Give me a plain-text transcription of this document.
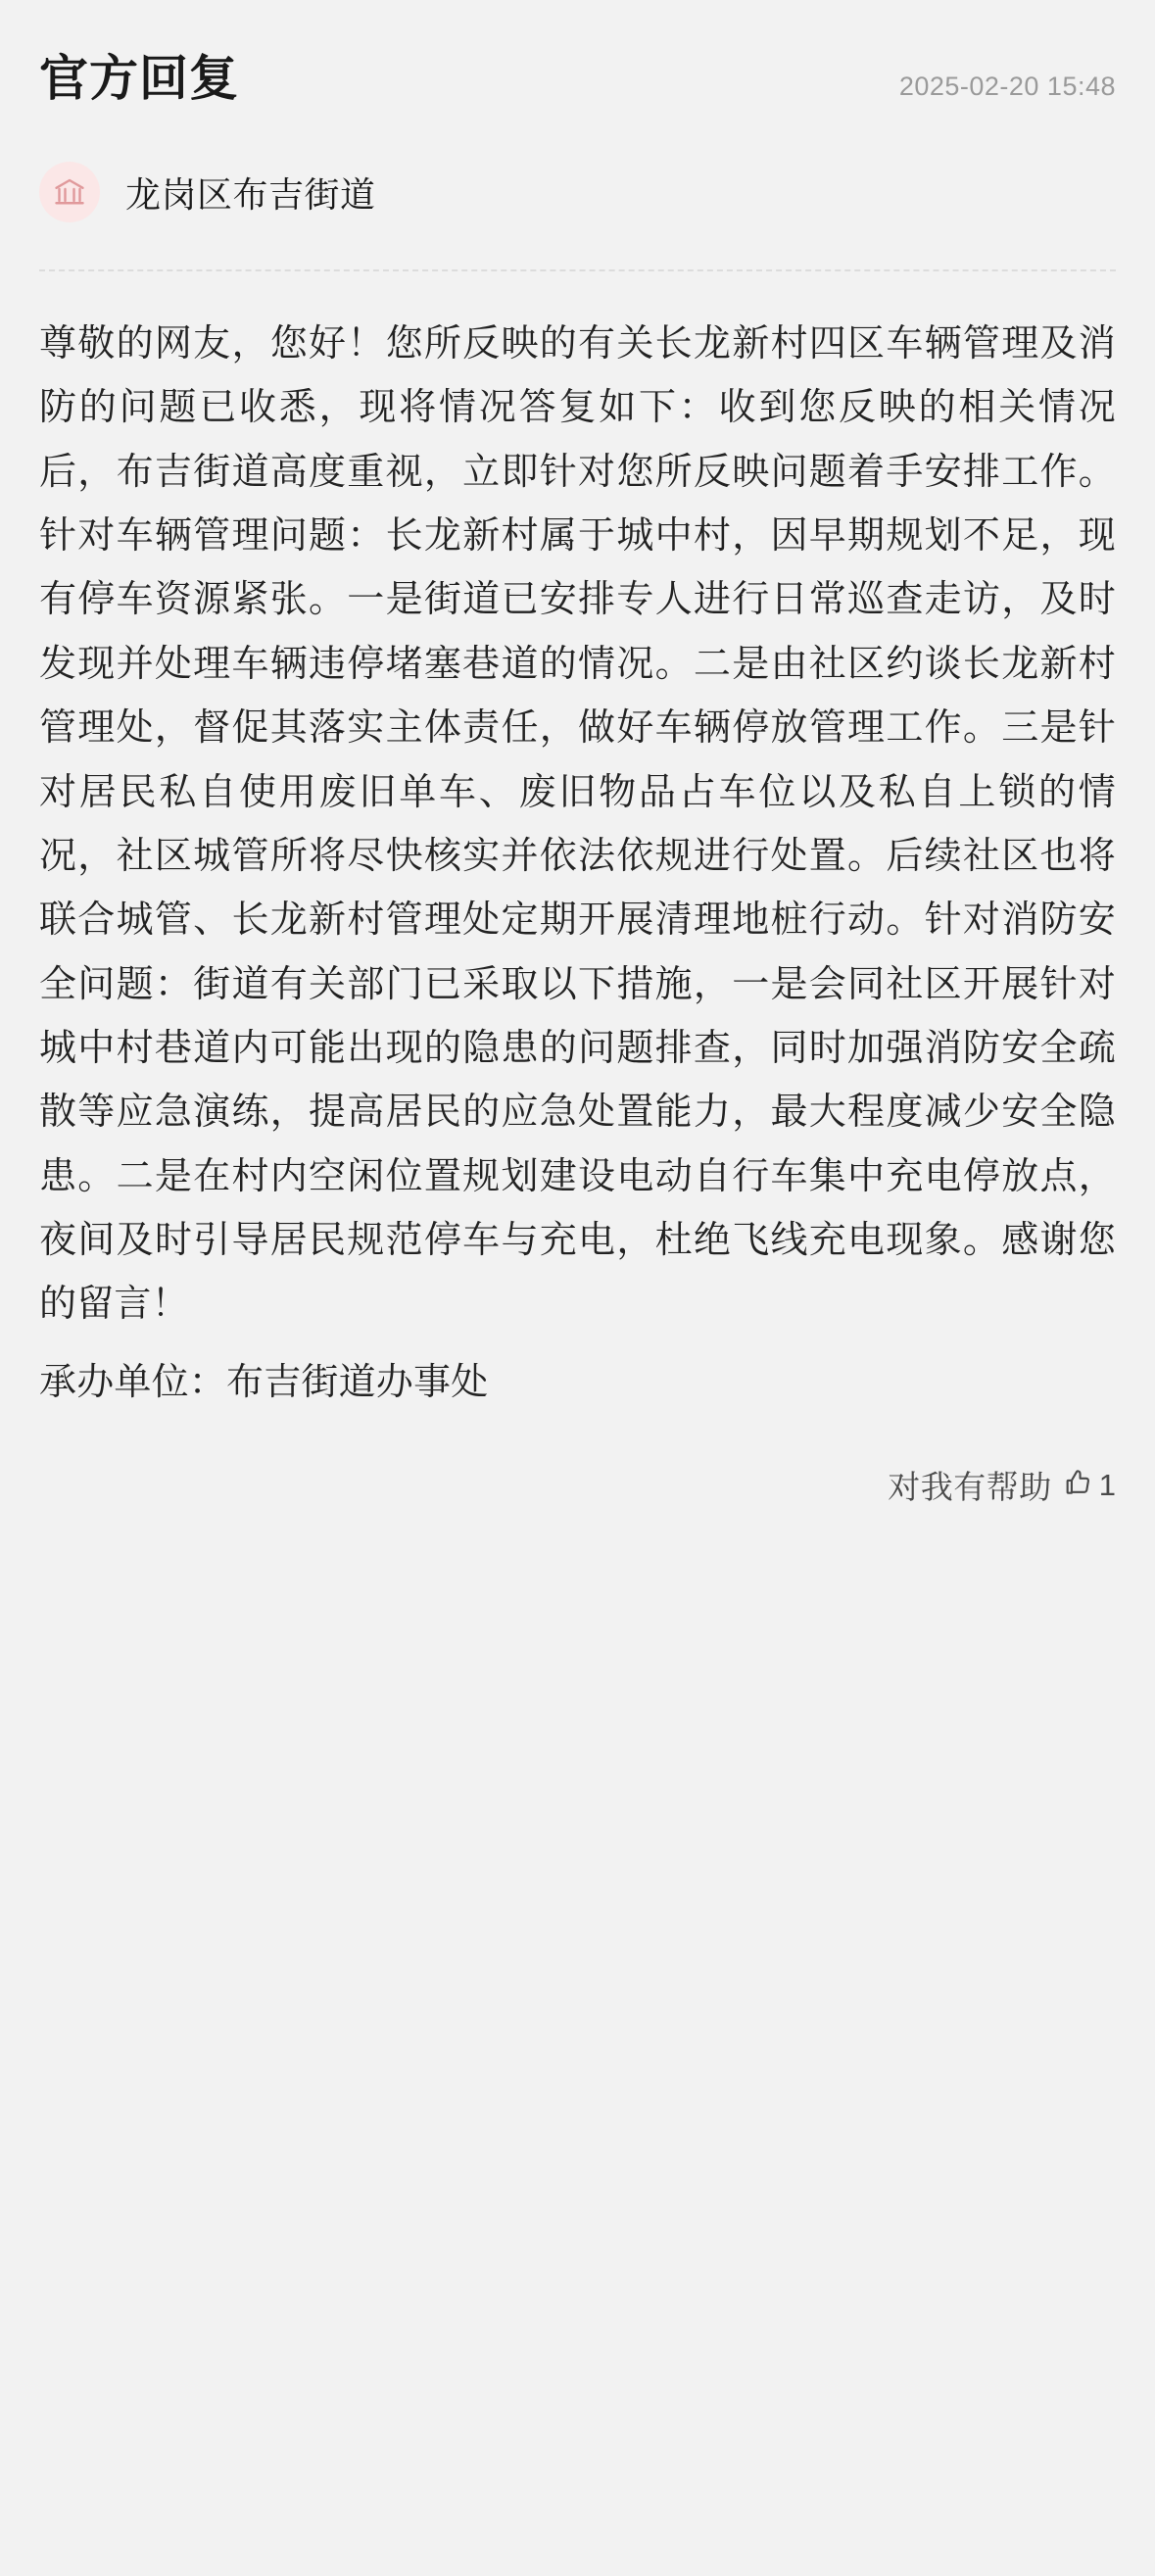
官方回复	2025-02-20 15:48
龙岗区布吉街道
尊敬的网友，您好！您所反映的有关长龙新村四区车辆管理及消防的问题已收悉，现将情况答复如下：收到您反映的相关情况后，布吉街道高度重视，立即针对您所反映问题着手安排工作。针对车辆管理问题：长龙新村属于城中村，因早期规划不足，现有停车资源紧张。一是街道已安排专人进行日常巡查走访，及时发现并处理车辆违停堵塞巷道的情况。二是由社区约谈长龙新村管理处，督促其落实主体责任，做好车辆停放管理工作。三是针对居民私自使用废旧单车、废旧物品占车位以及私自上锁的情况，社区城管所将尽快核实并依法依规进行处置。后续社区也将联合城管、长龙新村管理处定期开展清理地桩行动。针对消防安全问题：街道有关部门已采取以下措施，一是会同社区开展针对城中村巷道内可能出现的隐患的问题排查，同时加强消防安全疏散等应急演练，提高居民的应急处置能力，最大程度减少安全隐患。二是在村内空闲位置规划建设电动自行车集中充电停放点，夜间及时引导居民规范停车与充电，杜绝飞线充电现象。感谢您的留言！
承办单位：布吉街道办事处
对我有帮助 1
